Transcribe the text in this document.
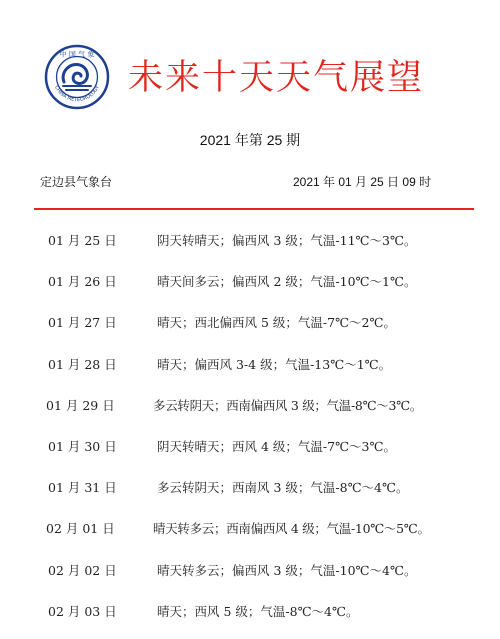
中 国 气 象
CHINA METEOROLOGY 未来十天天气展望
2021 年第 25 期
定边县气象台	2021 年 01 月 25 日 09 时
01 月 25 日	阴天转晴天；偏西风 3 级；气温-11℃～3℃。
01 月 26 日	晴天间多云；偏西风 2 级；气温-10℃～1℃。
01 月 27 日	晴天；西北偏西风 5 级；气温-7℃～2℃。
01 月 28 日	晴天；偏西风 3-4 级；气温-13℃～1℃。
01 月 29 日	多云转阴天；西南偏西风 3 级；气温-8℃～3℃。
01 月 30 日	阴天转晴天；西风 4 级；气温-7℃～3℃。
01 月 31 日	多云转阴天；西南风 3 级；气温-8℃～4℃。
02 月 01 日	晴天转多云；西南偏西风 4 级；气温-10℃～5℃。
02 月 02 日	晴天转多云；偏西风 3 级；气温-10℃～4℃。
02 月 03 日	晴天；西风 5 级；气温-8℃～4℃。
